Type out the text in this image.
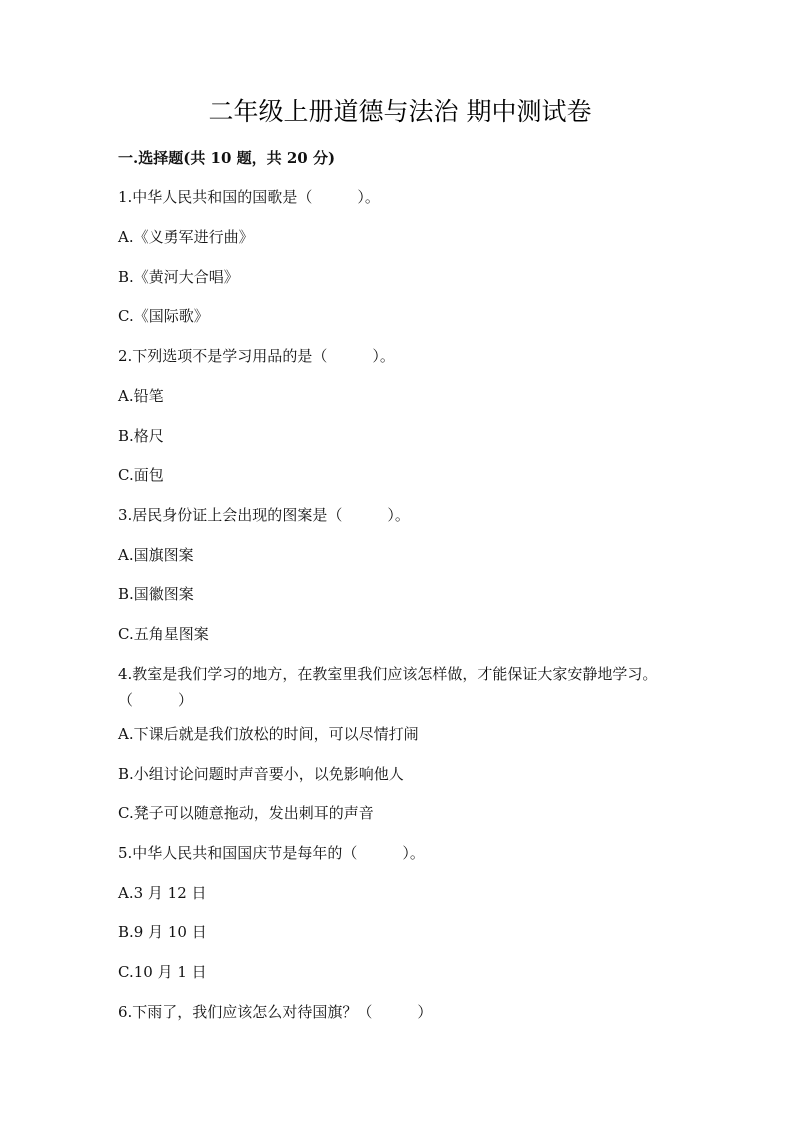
二年级上册道德与法治 期中测试卷
一.选择题(共 10 题，共 20 分)
1.中华人民共和国的国歌是（　　　）。
A.《义勇军进行曲》
B.《黄河大合唱》
C.《国际歌》
2.下列选项不是学习用品的是（　　　）。
A.铅笔
B.格尺
C.面包
3.居民身份证上会出现的图案是（　　　）。
A.国旗图案
B.国徽图案
C.五角星图案
4.教室是我们学习的地方，在教室里我们应该怎样做，才能保证大家安静地学习。（　　　）
A.下课后就是我们放松的时间，可以尽情打闹
B.小组讨论问题时声音要小，以免影响他人
C.凳子可以随意拖动，发出刺耳的声音
5.中华人民共和国国庆节是每年的（　　　）。
A.3 月 12 日
B.9 月 10 日
C.10 月 1 日
6.下雨了，我们应该怎么对待国旗？（　　　）
